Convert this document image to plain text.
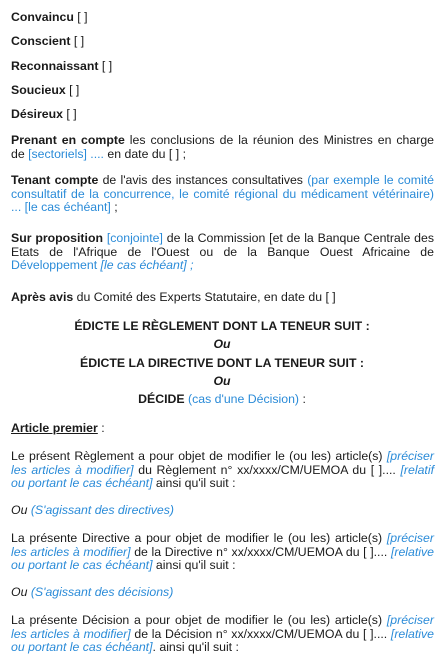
Convaincu [ ]

Conscient [ ]

Reconnaissant [ ]

Soucieux [ ]

Désireux [ ]

Prenant en compte les conclusions de la réunion des Ministres en charge de [sectoriels] .... en date du [ ] ;

Tenant compte de l'avis des instances consultatives (par exemple le comité consultatif de la concurrence, le comité régional du médicament vétérinaire) ... [le cas échéant] ;

Sur proposition [conjointe] de la Commission [et de la Banque Centrale des Etats de l'Afrique de l'Ouest ou de la Banque Ouest Africaine de Développement [le cas échéant] ;

Après avis du Comité des Experts Statutaire, en date du [ ]

ÉDICTE LE RÈGLEMENT DONT LA TENEUR SUIT :

Ou

ÉDICTE LA DIRECTIVE DONT LA TENEUR SUIT :

Ou

DÉCIDE (cas d'une Décision) :

Article premier :

Le présent Règlement a pour objet de modifier le (ou les) article(s) [préciser les articles à modifier] du Règlement n° xx/xxxx/CM/UEMOA du [ ].... [relatif ou portant le cas échéant] ainsi qu'il suit :

Ou (S'agissant des directives)

La présente Directive a pour objet de modifier le (ou les) article(s) [préciser les articles à modifier] de la Directive n° xx/xxxx/CM/UEMOA du [ ].... [relative ou portant le cas échéant] ainsi qu'il suit :

Ou (S'agissant des décisions)

La présente Décision a pour objet de modifier le (ou les) article(s) [préciser les articles à modifier] de la Décision n° xx/xxxx/CM/UEMOA du [ ].... [relative ou portant le cas échéant]. ainsi qu'il suit :
